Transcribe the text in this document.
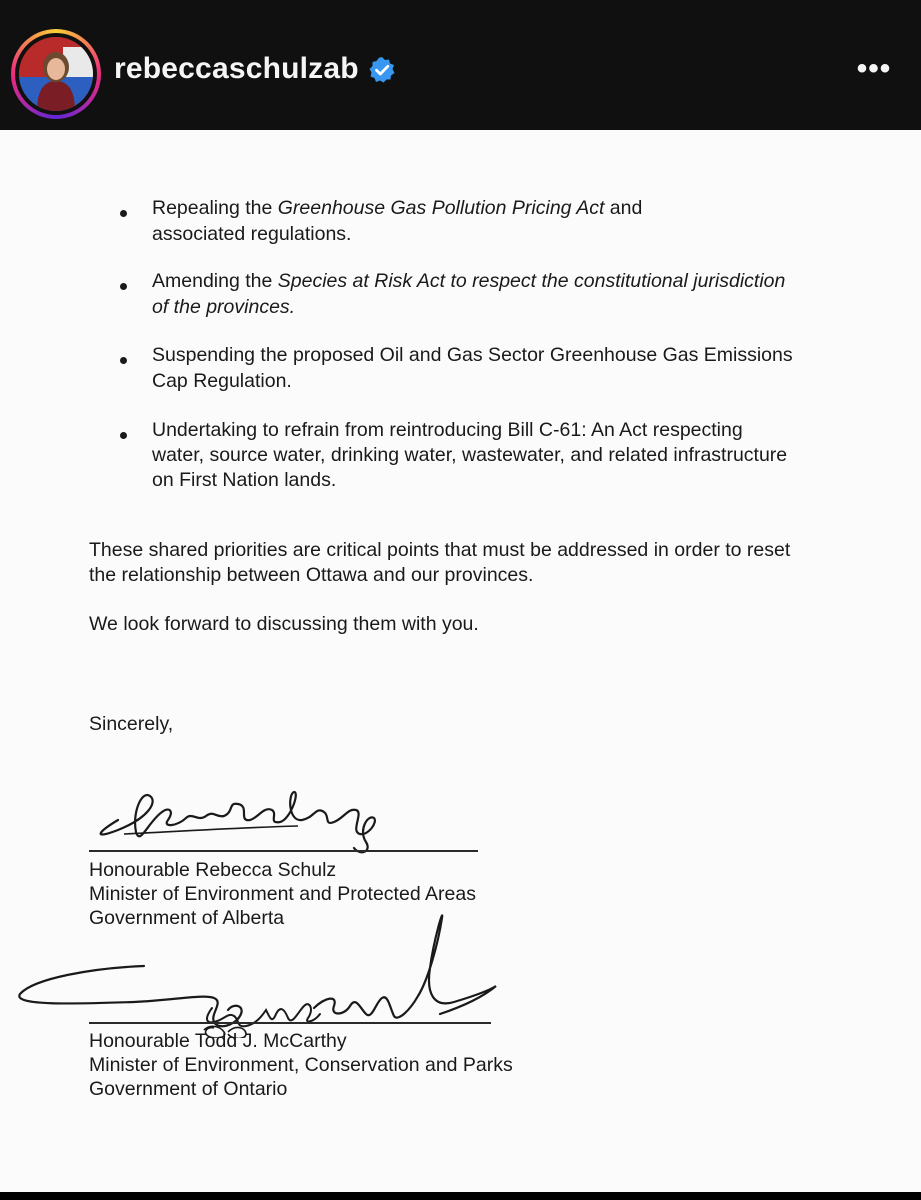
rebeccaschulzab	•••
Repealing the Greenhouse Gas Pollution Pricing Act and
associated regulations.
Amending the Species at Risk Act to respect the constitutional jurisdiction
of the provinces.
Suspending the proposed Oil and Gas Sector Greenhouse Gas Emissions
Cap Regulation.
Undertaking to refrain from reintroducing Bill C-61: An Act respecting
water, source water, drinking water, wastewater, and related infrastructure
on First Nation lands.
These shared priorities are critical points that must be addressed in order to reset
the relationship between Ottawa and our provinces.
We look forward to discussing them with you.
Sincerely,
Honourable Rebecca Schulz
Minister of Environment and Protected Areas
Government of Alberta
Honourable Todd J. McCarthy
Minister of Environment, Conservation and Parks
Government of Ontario
